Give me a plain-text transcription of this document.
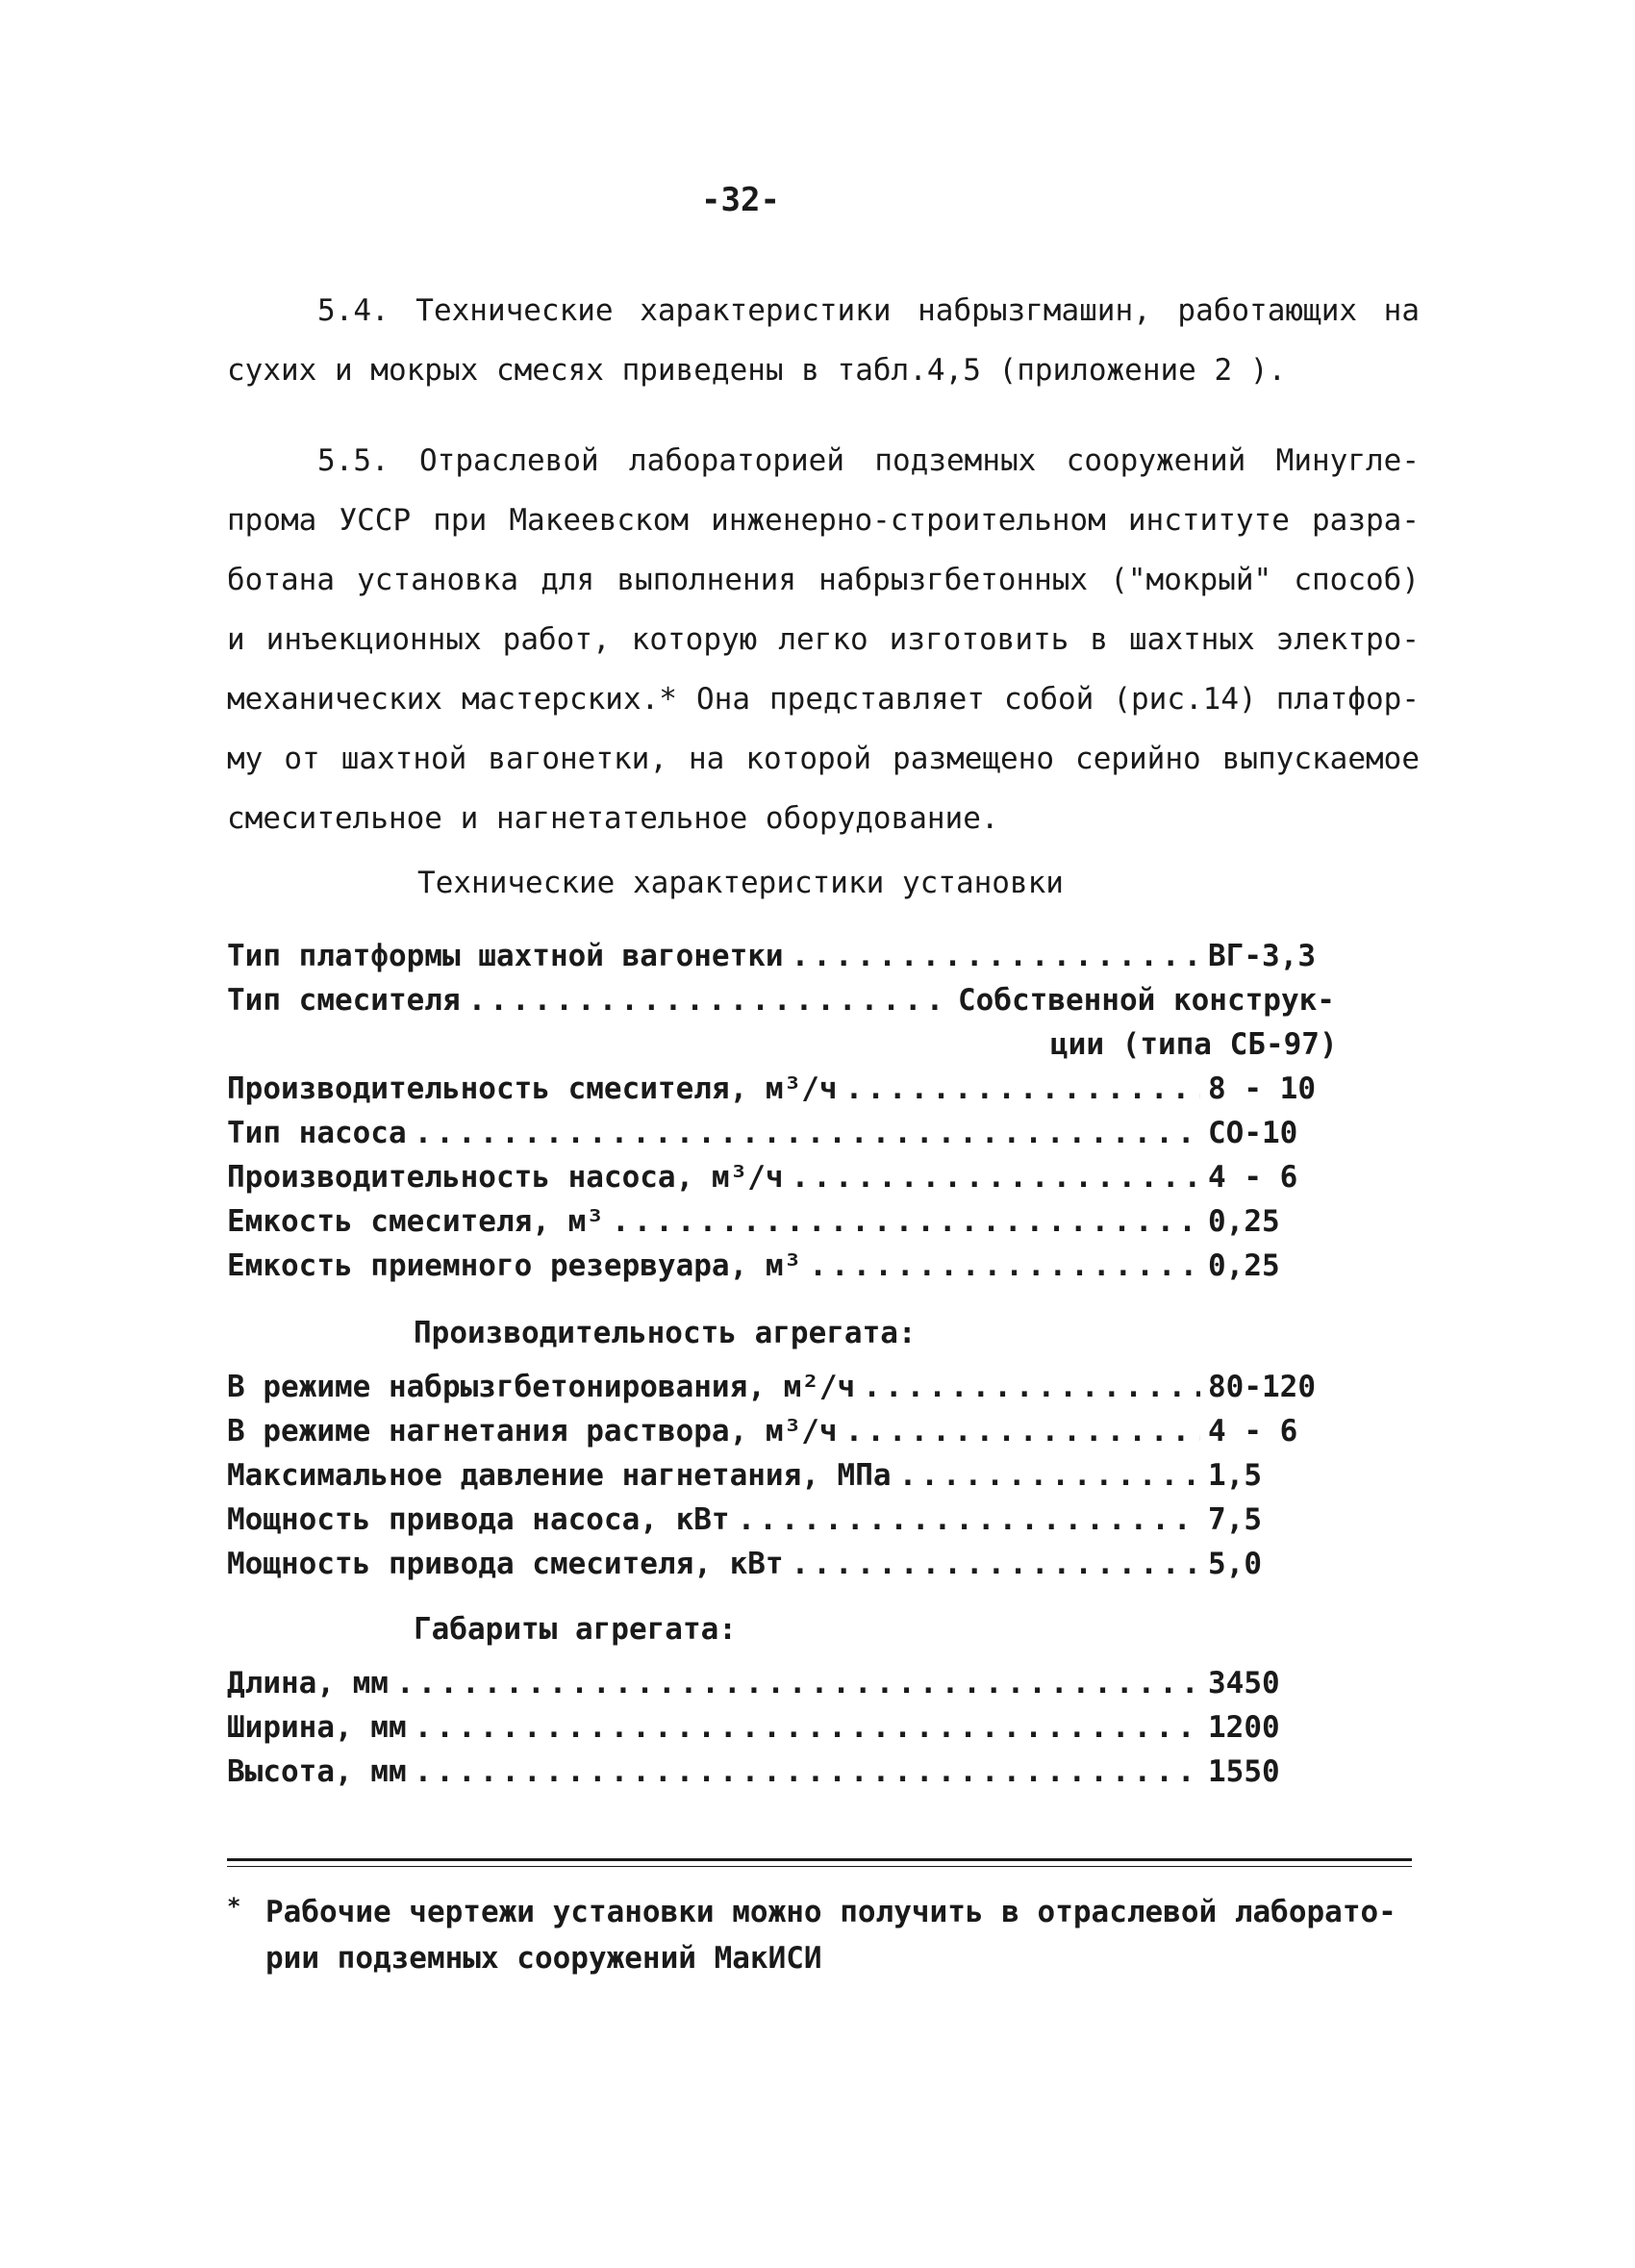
-32-
5.4. Технические характеристики набрызгмашин, работающих на
сухих и мокрых смесях приведены в табл.4,5 (приложение 2 ).
5.5. Отраслевой лабораторией подземных сооружений Минугле-
прома УССР при Макеевском инженерно-строительном институте разра-
ботана установка для выполнения набрызгбетонных ("мокрый" способ)
и инъекционных работ, которую легко изготовить в шахтных электро-
механических мастерских.* Она представляет собой (рис.14) платфор-
му от шахтной вагонетки, на которой размещено серийно выпускаемое
смесительное и нагнетательное оборудование.
Технические характеристики установки
Тип платформы шахтной вагонетки .....	ВГ-3,3
Тип смесителя .....	Собственной конструк-
ции (типа СБ-97)
Производительность смесителя, м³/ч .....	8 - 10
Тип насоса .....	СО-10
Производительность насоса, м³/ч .....	4 - 6
Емкость смесителя, м³ .....	0,25
Емкость приемного резервуара, м³ .....	0,25
Производительность агрегата:
В режиме набрызгбетонирования, м²/ч .....	80-120
В режиме нагнетания раствора, м³/ч .....	4 - 6
Максимальное давление нагнетания, МПа .....	1,5
Мощность привода насоса, кВт .....	7,5
Мощность привода смесителя, кВт .....	5,0
Габариты агрегата:
Длина, мм .....	3450
Ширина, мм .....	1200
Высота, мм .....	1550
* Рабочие чертежи установки можно получить в отраслевой лаборато-
рии подземных сооружений МакИСИ
